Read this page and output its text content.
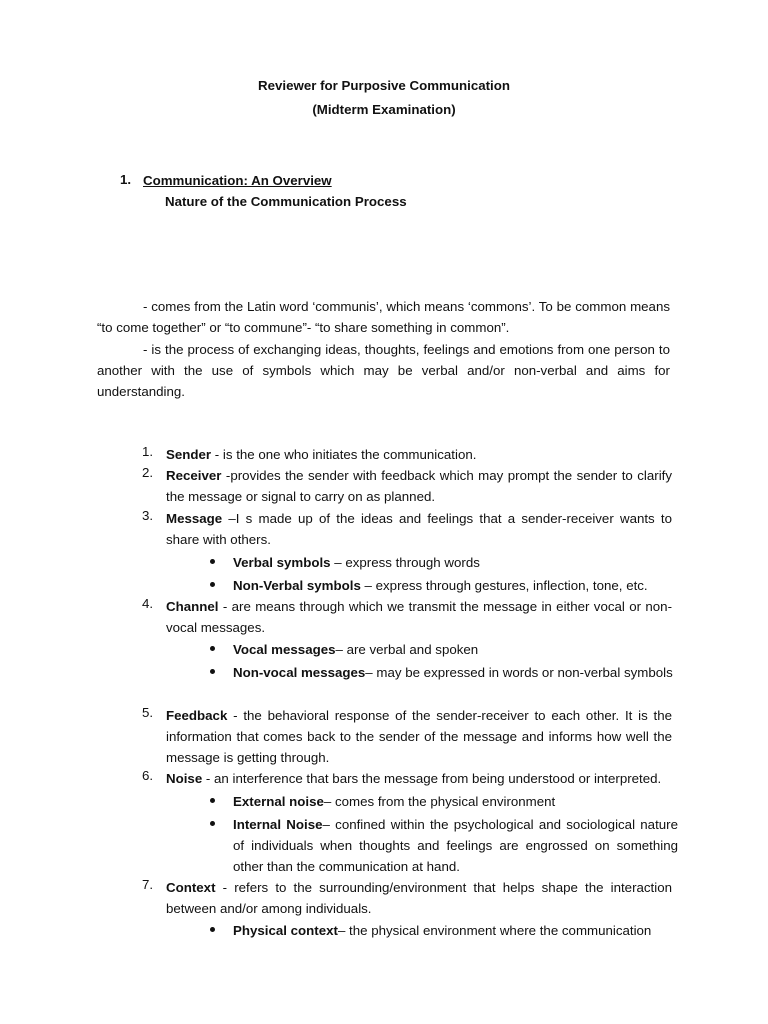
Reviewer for Purposive Communication
(Midterm Examination)
1. Communication: An Overview
Nature of the Communication Process
- comes from the Latin word ‘communis’, which means ‘commons’. To be common means “to come together” or “to commune”- “to share something in common”.
- is the process of exchanging ideas, thoughts, feelings and emotions from one person to another with the use of symbols which may be verbal and/or non-verbal and aims for understanding.
1. Sender - is the one who initiates the communication.
2. Receiver -provides the sender with feedback which may prompt the sender to clarify the message or signal to carry on as planned.
3. Message –I s made up of the ideas and feelings that a sender-receiver wants to share with others.
Verbal symbols – express through words
Non-Verbal symbols – express through gestures, inflection, tone, etc.
4. Channel - are means through which we transmit the message in either vocal or non-vocal messages.
Vocal messages– are verbal and spoken
Non-vocal messages– may be expressed in words or non-verbal symbols
5. Feedback - the behavioral response of the sender-receiver to each other. It is the information that comes back to the sender of the message and informs how well the message is getting through.
6. Noise - an interference that bars the message from being understood or interpreted.
External noise– comes from the physical environment
Internal Noise– confined within the psychological and sociological nature of individuals when thoughts and feelings are engrossed on something other than the communication at hand.
7. Context - refers to the surrounding/environment that helps shape the interaction between and/or among individuals.
Physical context– the physical environment where the communication
